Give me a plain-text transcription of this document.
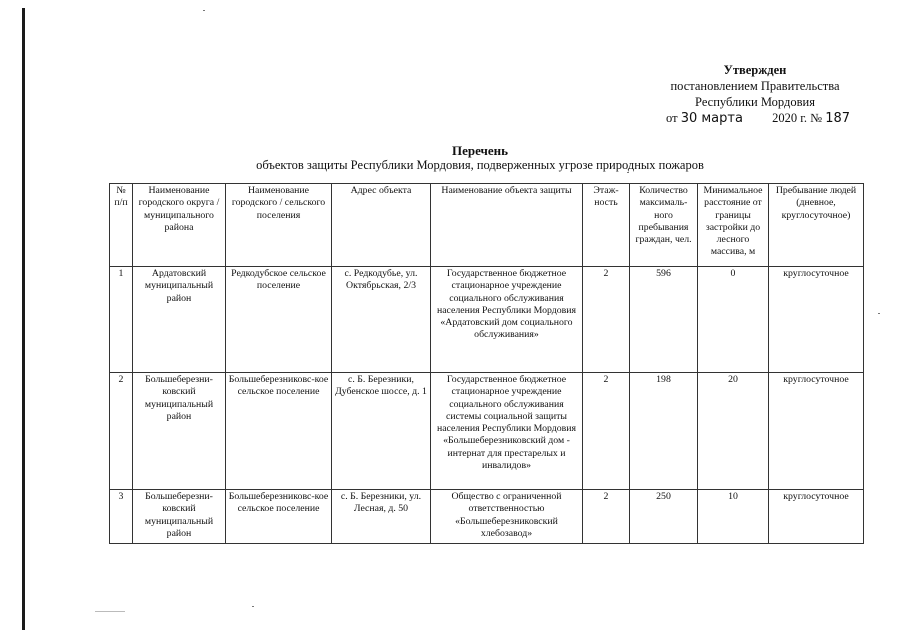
Утвержден
постановлением Правительства
Республики Мордовия
от 30 марта 2020 г. № 187
Перечень
объектов защиты Республики Мордовия, подверженных угрозе природных пожаров
№ п/п	Наименование городского округа / муниципального района	Наименование городского / сельского поселения	Адрес объекта	Наименование объекта защиты	Этаж-ность	Количество максималь-ного пребывания граждан, чел.	Минимальное расстояние от границы застройки до лесного массива, м	Пребывание людей (дневное, круглосуточное)
1	Ардатовский муниципальный район	Редкодубское сельское поселение	с. Редкодубье, ул. Октябрьская, 2/3	Государственное бюджетное стационарное учреждение социального обслуживания населения Республики Мордовия «Ардатовский дом социального обслуживания»	2	596	0	круглосуточное
2	Большеберезни-ковский муниципальный район	Большеберезниковс-кое сельское поселение	с. Б. Березники, Дубенское шоссе, д. 1	Государственное бюджетное стационарное учреждение социального обслуживания системы социальной защиты населения Республики Мордовия «Большеберезниковский дом - интернат для престарелых и инвалидов»	2	198	20	круглосуточное
3	Большеберезни-ковский муниципальный район	Большеберезниковс-кое сельское поселение	с. Б. Березники, ул. Лесная, д. 50	Общество с ограниченной ответственностью «Большеберезниковский хлебозавод»	2	250	10	круглосуточное
